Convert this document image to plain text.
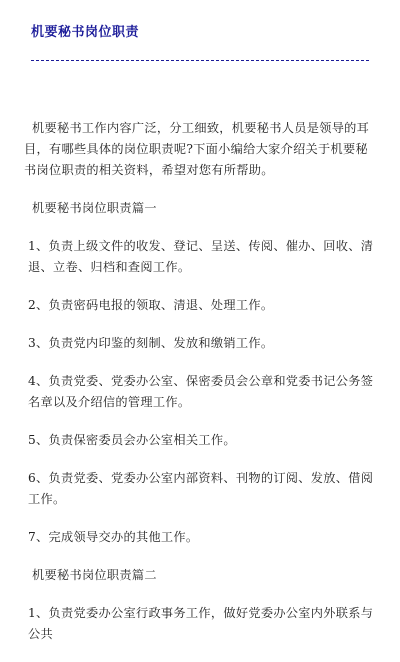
机要秘书岗位职责

机要秘书工作内容广泛，分工细致，机要秘书人员是领导的耳目，有哪些具体的岗位职责呢?下面小编给大家介绍关于机要秘书岗位职责的相关资料，希望对您有所帮助。

机要秘书岗位职责篇一

1、负责上级文件的收发、登记、呈送、传阅、催办、回收、清退、立卷、归档和查阅工作。

2、负责密码电报的领取、清退、处理工作。

3、负责党内印鉴的刻制、发放和缴销工作。

4、负责党委、党委办公室、保密委员会公章和党委书记公务签名章以及介绍信的管理工作。

5、负责保密委员会办公室相关工作。

6、负责党委、党委办公室内部资料、刊物的订阅、发放、借阅工作。

7、完成领导交办的其他工作。

机要秘书岗位职责篇二

1、负责党委办公室行政事务工作，做好党委办公室内外联系与公共
